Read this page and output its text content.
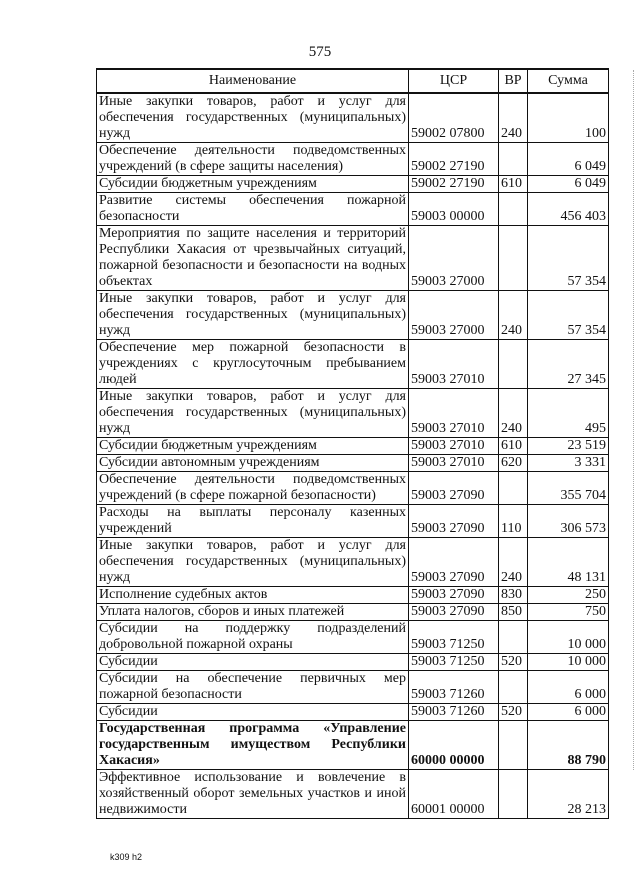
575
Наименование	ЦСР	ВР	Сумма
Иные закупки товаров, работ и услуг для обеспечения государственных (муниципальных) нужд	59002 07800	240	100
Обеспечение деятельности подведомственных учреждений (в сфере защиты населения)	59002 27190		6 049
Субсидии бюджетным учреждениям	59002 27190	610	6 049
Развитие системы обеспечения пожарной безопасности	59003 00000		456 403
Мероприятия по защите населения и территорий Республики Хакасия от чрезвычайных ситуаций, пожарной безопасности и безопасности на водных объектах	59003 27000		57 354
Иные закупки товаров, работ и услуг для обеспечения государственных (муниципальных) нужд	59003 27000	240	57 354
Обеспечение мер пожарной безопасности в учреждениях с круглосуточным пребыванием людей	59003 27010		27 345
Иные закупки товаров, работ и услуг для обеспечения государственных (муниципальных) нужд	59003 27010	240	495
Субсидии бюджетным учреждениям	59003 27010	610	23 519
Субсидии автономным учреждениям	59003 27010	620	3 331
Обеспечение деятельности подведомственных учреждений (в сфере пожарной безопасности)	59003 27090		355 704
Расходы на выплаты персоналу казенных учреждений	59003 27090	110	306 573
Иные закупки товаров, работ и услуг для обеспечения государственных (муниципальных) нужд	59003 27090	240	48 131
Исполнение судебных актов	59003 27090	830	250
Уплата налогов, сборов и иных платежей	59003 27090	850	750
Субсидии на поддержку подразделений добровольной пожарной охраны	59003 71250		10 000
Субсидии	59003 71250	520	10 000
Субсидии на обеспечение первичных мер пожарной безопасности	59003 71260		6 000
Субсидии	59003 71260	520	6 000
Государственная программа «Управление государственным имуществом Республики Хакасия»	60000 00000		88 790
Эффективное использование и вовлечение в хозяйственный оборот земельных участков и иной недвижимости	60001 00000		28 213
k309 h2
